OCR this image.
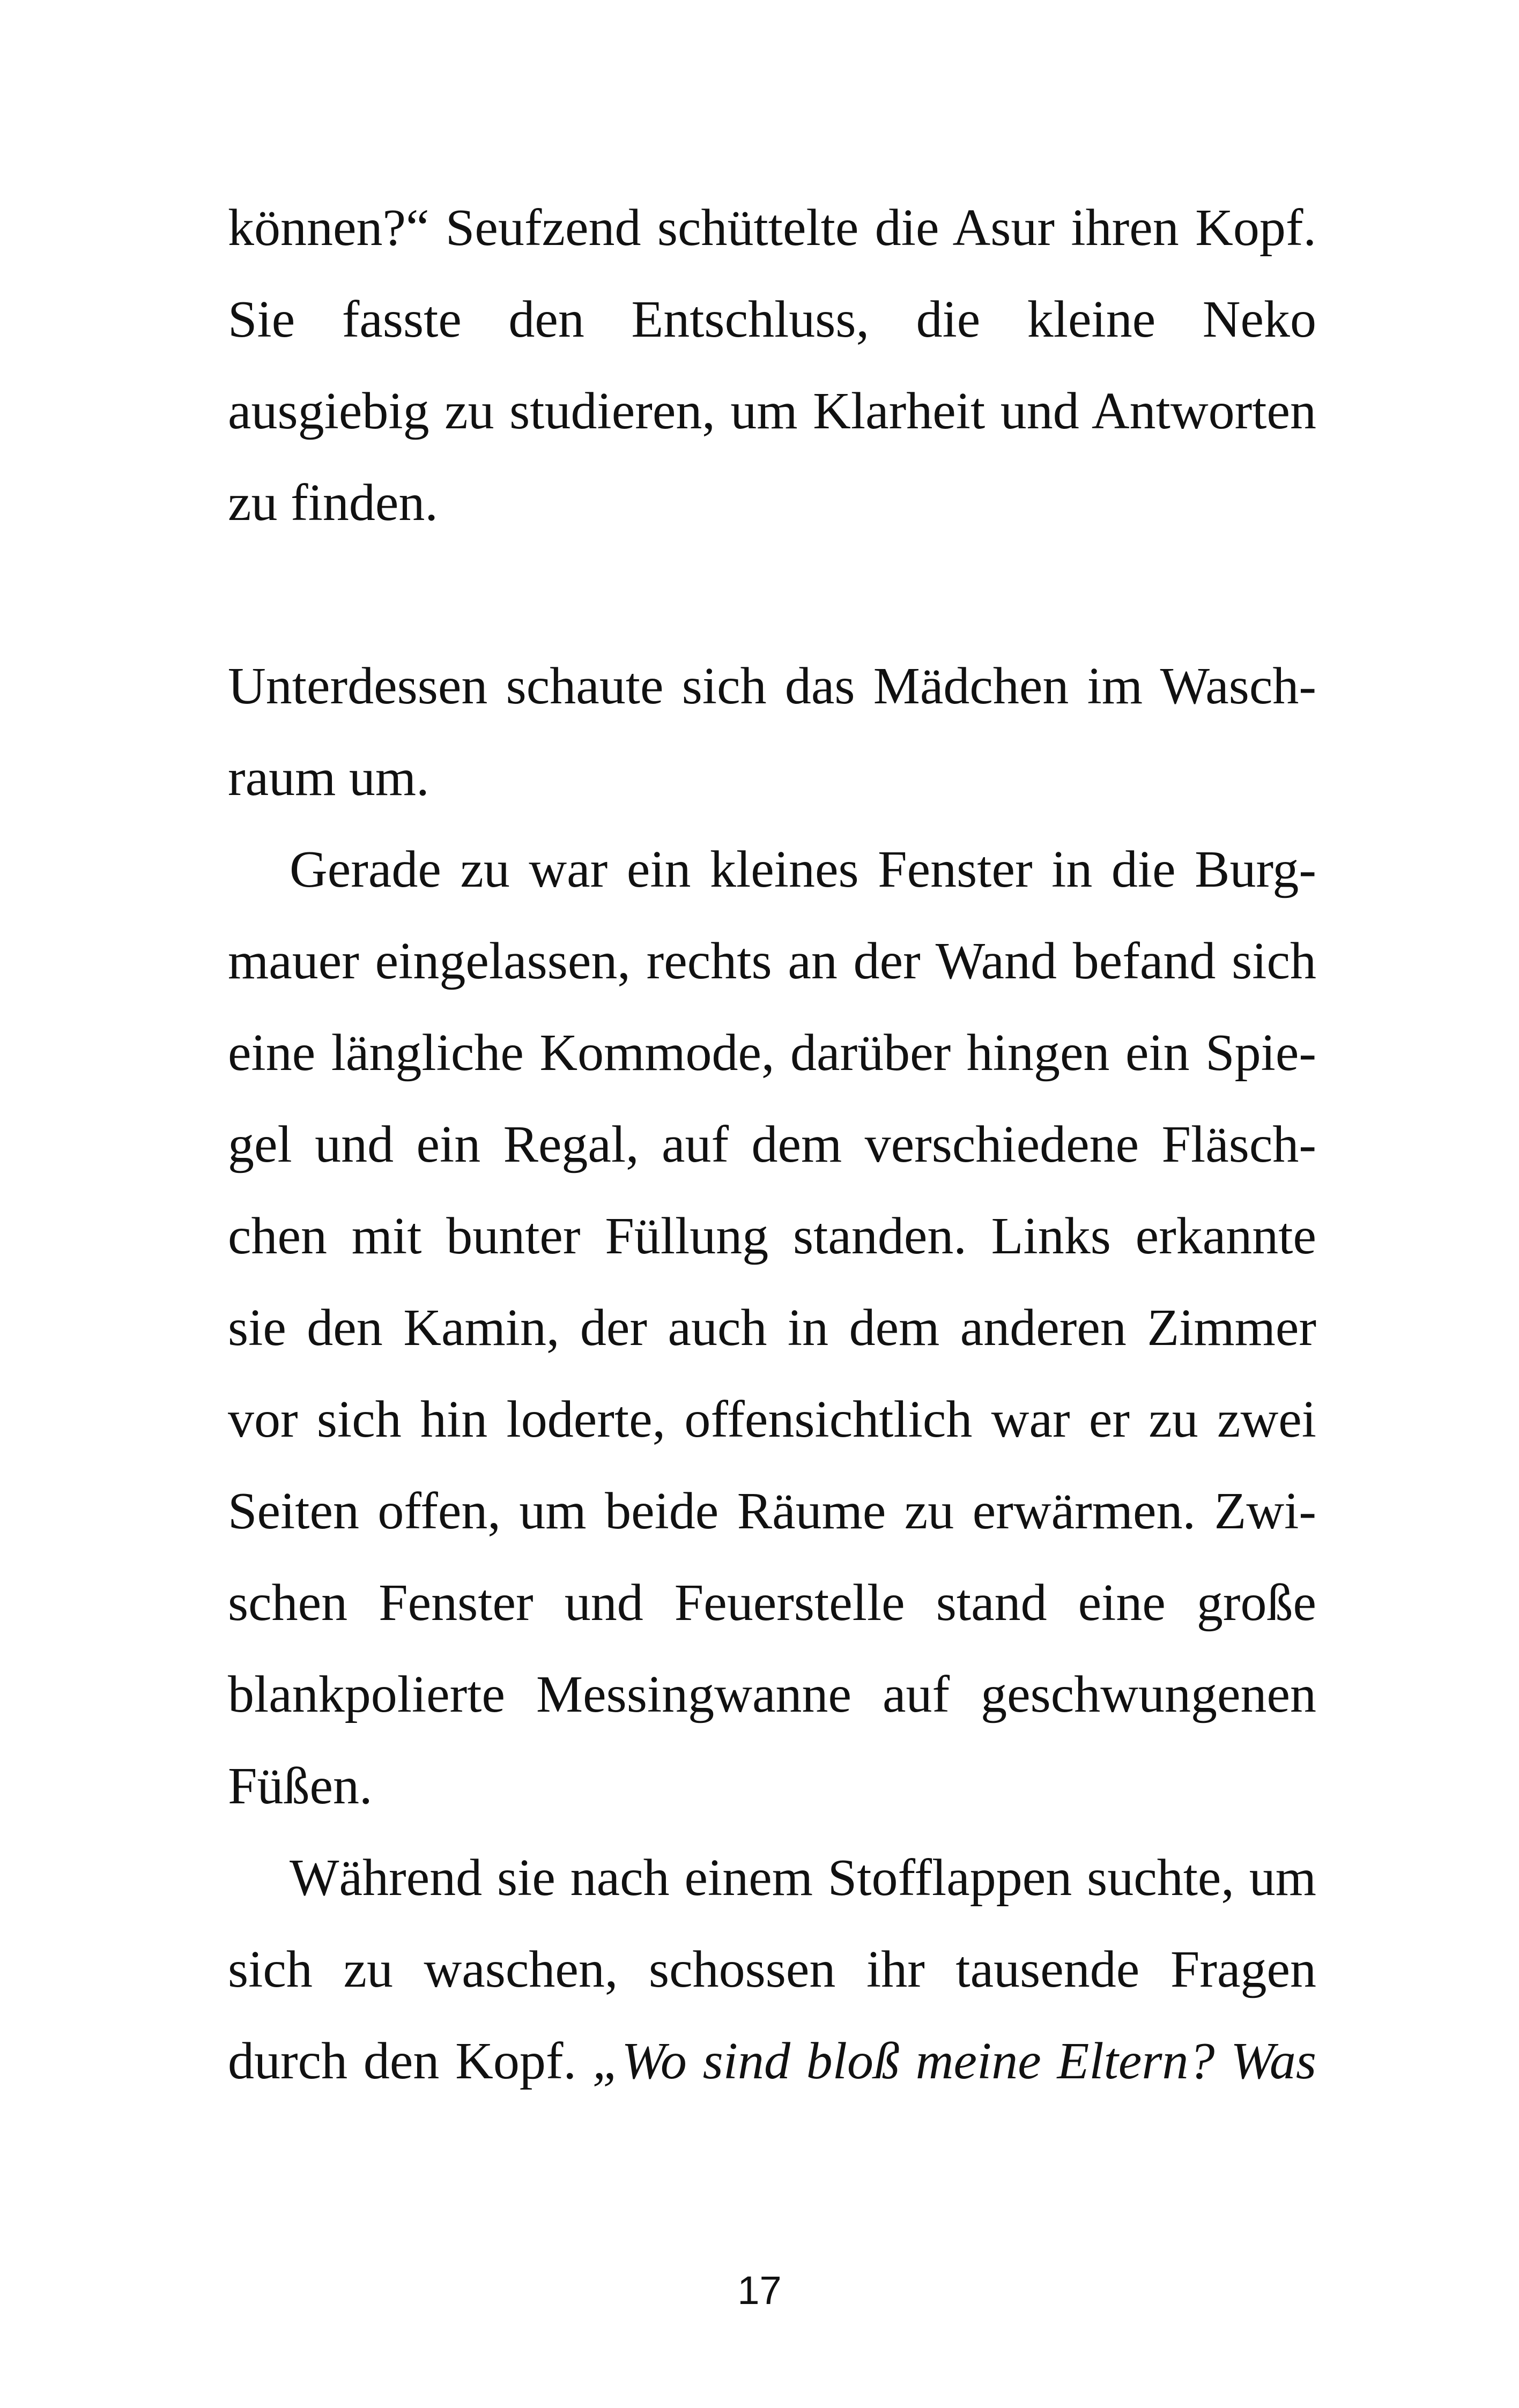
können?“ Seufzend schüttelte die Asur ihren Kopf.
Sie fasste den Entschluss, die kleine Neko
ausgiebig zu studieren, um Klarheit und Antworten
zu finden.
Unterdessen schaute sich das Mädchen im Wasch-
raum um.
Gerade zu war ein kleines Fenster in die Burg-
mauer eingelassen, rechts an der Wand befand sich
eine längliche Kommode, darüber hingen ein Spie-
gel und ein Regal, auf dem verschiedene Fläsch-
chen mit bunter Füllung standen. Links erkannte
sie den Kamin, der auch in dem anderen Zimmer
vor sich hin loderte, offensichtlich war er zu zwei
Seiten offen, um beide Räume zu erwärmen. Zwi-
schen Fenster und Feuerstelle stand eine große
blankpolierte Messingwanne auf geschwungenen
Füßen.
Während sie nach einem Stofflappen suchte, um
sich zu waschen, schossen ihr tausende Fragen
durch den Kopf. „Wo sind bloß meine Eltern? Was
17
